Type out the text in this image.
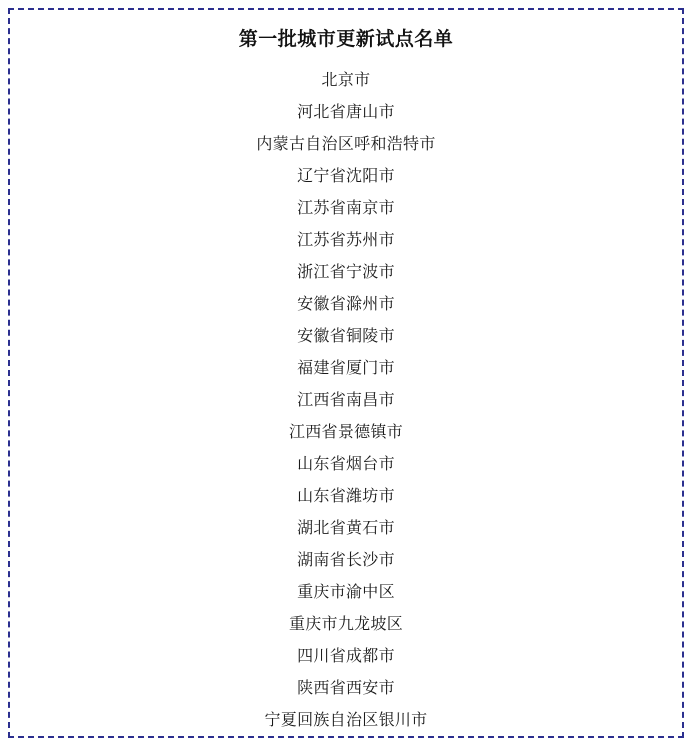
第一批城市更新试点名单
北京市
河北省唐山市
内蒙古自治区呼和浩特市
辽宁省沈阳市
江苏省南京市
江苏省苏州市
浙江省宁波市
安徽省滁州市
安徽省铜陵市
福建省厦门市
江西省南昌市
江西省景德镇市
山东省烟台市
山东省潍坊市
湖北省黄石市
湖南省长沙市
重庆市渝中区
重庆市九龙坡区
四川省成都市
陕西省西安市
宁夏回族自治区银川市
